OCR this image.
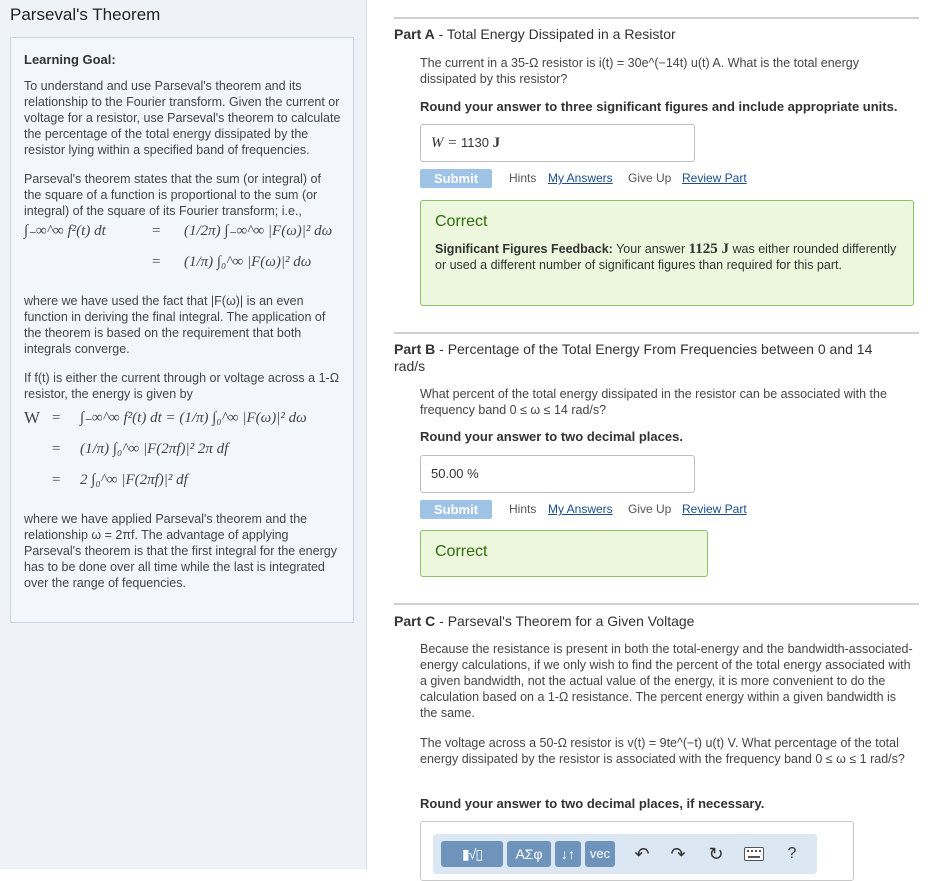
Parseval's Theorem
Learning Goal:

To understand and use Parseval's theorem and its relationship to the Fourier transform. Given the current or voltage for a resistor, use Parseval's theorem to calculate the percentage of the total energy dissipated by the resistor lying within a specified band of frequencies.

Parseval's theorem states that the sum (or integral) of the square of a function is proportional to the sum (or integral) of the square of its Fourier transform; i.e.,

∫₋∞^∞ f²(t) dt	= (1/2π) ∫₋∞^∞ |F(ω)|² dω
= (1/π) ∫₀^∞ |F(ω)|² dω

where we have used the fact that |F(ω)| is an even function in deriving the final integral. The application of the theorem is based on the requirement that both integrals converge.

If f(t) is either the current through or voltage across a 1-Ω resistor, the energy is given by

W = ∫₋∞^∞ f²(t) dt = (1/π) ∫₀^∞ |F(ω)|² dω
= (1/π) ∫₀^∞ |F(2πf)|² 2π df
= 2 ∫₀^∞ |F(2πf)|² df

where we have applied Parseval's theorem and the relationship ω = 2πf. The advantage of applying Parseval's theorem is that the first integral for the energy has to be done over all time while the last is integrated over the range of fequencies.

Part A - Total Energy Dissipated in a Resistor

The current in a 35-Ω resistor is i(t) = 30e^(−14t) u(t) A. What is the total energy dissipated by this resistor?

Round your answer to three significant figures and include appropriate units.
W = 1130 J
Submit	Hints My Answers Give Up Review Part
Correct
Significant Figures Feedback: Your answer 1125 J was either rounded differently or used a different number of significant figures than required for this part.
Part B - Percentage of the Total Energy From Frequencies between 0 and 14 rad/s

What percent of the total energy dissipated in the resistor can be associated with the frequency band 0 ≤ ω ≤ 14 rad/s?

Round your answer to two decimal places.
50.00 %
Submit	Hints My Answers Give Up Review Part
Correct
Part C - Parseval's Theorem for a Given Voltage

Because the resistance is present in both the total-energy and the bandwidth-associated-energy calculations, if we only wish to find the percent of the total energy associated with a given bandwidth, not the actual value of the energy, it is more convenient to do the calculation based on a 1-Ω resistance. The percent energy within a given bandwidth is the same.

The voltage across a 50-Ω resistor is v(t) = 9te^(−t) u(t) V. What percentage of the total energy dissipated by the resistor is associated with the frequency band 0 ≤ ω ≤ 1 rad/s?

Round your answer to two decimal places, if necessary.
▮√▯	ΑΣφ	↓↑	vec ↶ ↷ ↻	?
